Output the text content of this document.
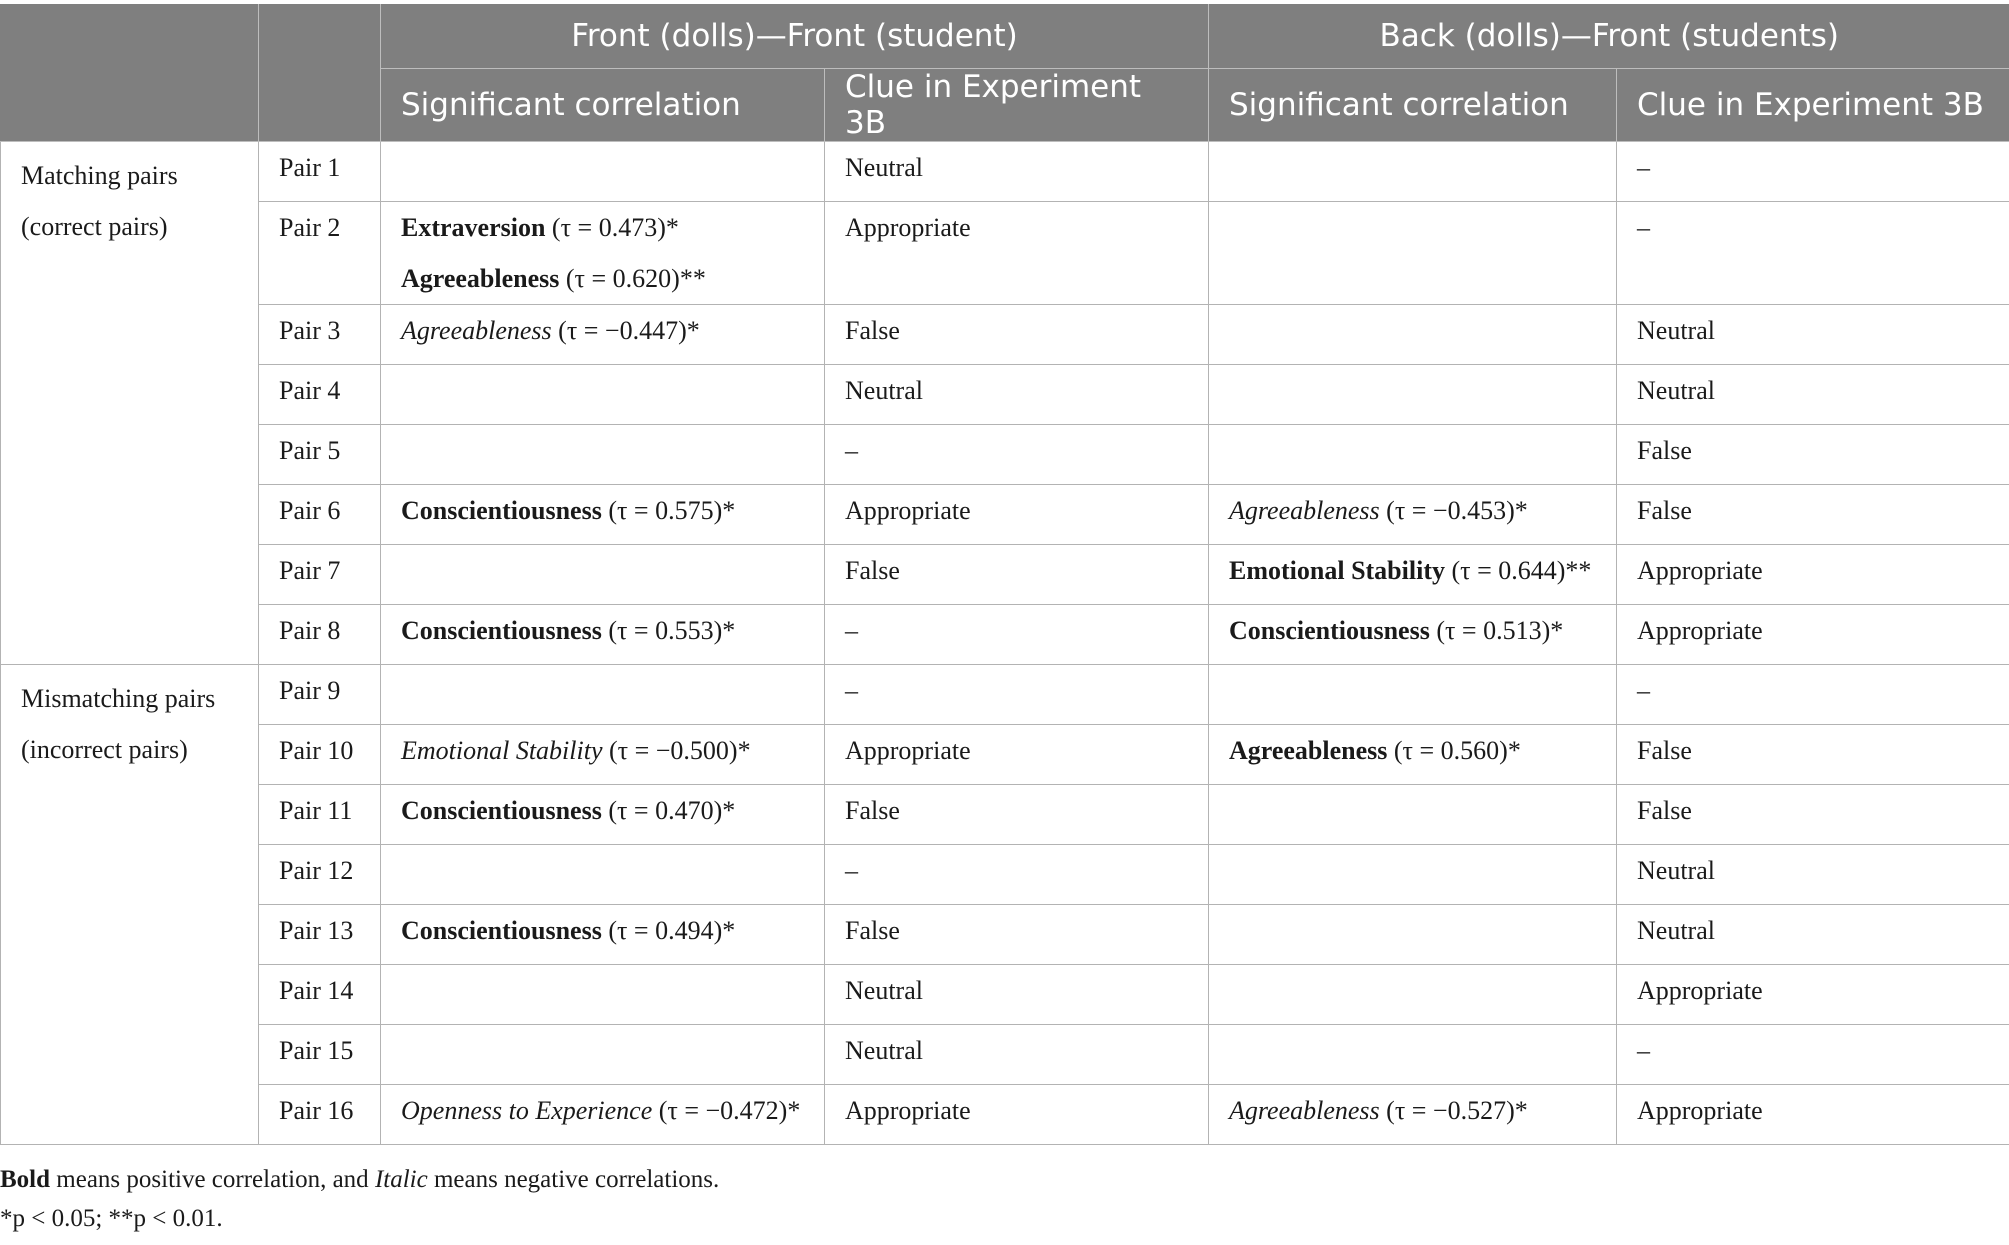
		Front (dolls)—Front (student)		Back (dolls)—Front (students)	
		Significant correlation	Clue in Experiment 3B	Significant correlation	Clue in Experiment 3B

Matching pairs
(correct pairs)	Pair 1		Neutral		–
	Pair 2	Extraversion (τ = 0.473)*
Agreeableness (τ = 0.620)**	Appropriate		–
	Pair 3	Agreeableness (τ = −0.447)*	False		Neutral
	Pair 4		Neutral		Neutral
	Pair 5		–		False
	Pair 6	Conscientiousness (τ = 0.575)*	Appropriate	Agreeableness (τ = −0.453)*	False
	Pair 7		False	Emotional Stability (τ = 0.644)**	Appropriate
	Pair 8	Conscientiousness (τ = 0.553)*	–	Conscientiousness (τ = 0.513)*	Appropriate

Mismatching pairs
(incorrect pairs)	Pair 9		–		–
	Pair 10	Emotional Stability (τ = −0.500)*	Appropriate	Agreeableness (τ = 0.560)*	False
	Pair 11	Conscientiousness (τ = 0.470)*	False		False
	Pair 12		–		Neutral
	Pair 13	Conscientiousness (τ = 0.494)*	False		Neutral
	Pair 14		Neutral		Appropriate
	Pair 15		Neutral		–
	Pair 16	Openness to Experience (τ = −0.472)*	Appropriate	Agreeableness (τ = −0.527)*	Appropriate
Bold means positive correlation, and Italic means negative correlations.
*p < 0.05; **p < 0.01.
